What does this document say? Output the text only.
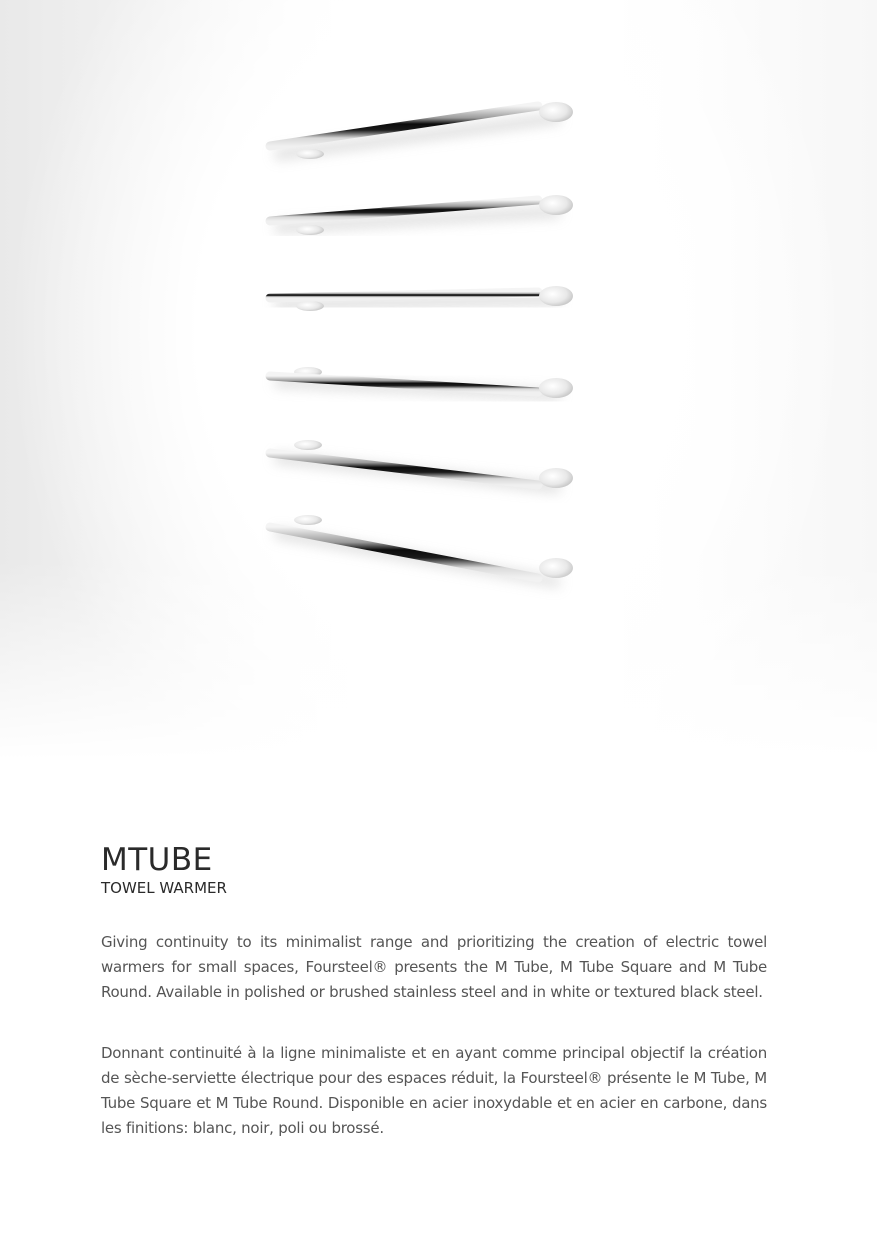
MTUBE

TOWEL WARMER

Giving continuity to its minimalist range and prioritizing the creation of electric towel warmers for small spaces, Foursteel® presents the M Tube, M Tube Square and M Tube Round. Available in polished or brushed stainless steel and in white or textured black steel.

Donnant continuité à la ligne minimaliste et en ayant comme principal objectif la création de sèche-serviette électrique pour des espaces réduit, la Foursteel® présente le M Tube, M Tube Square et M Tube Round. Disponible en acier inoxydable et en acier en carbone, dans les finitions: blanc, noir, poli ou brossé.
